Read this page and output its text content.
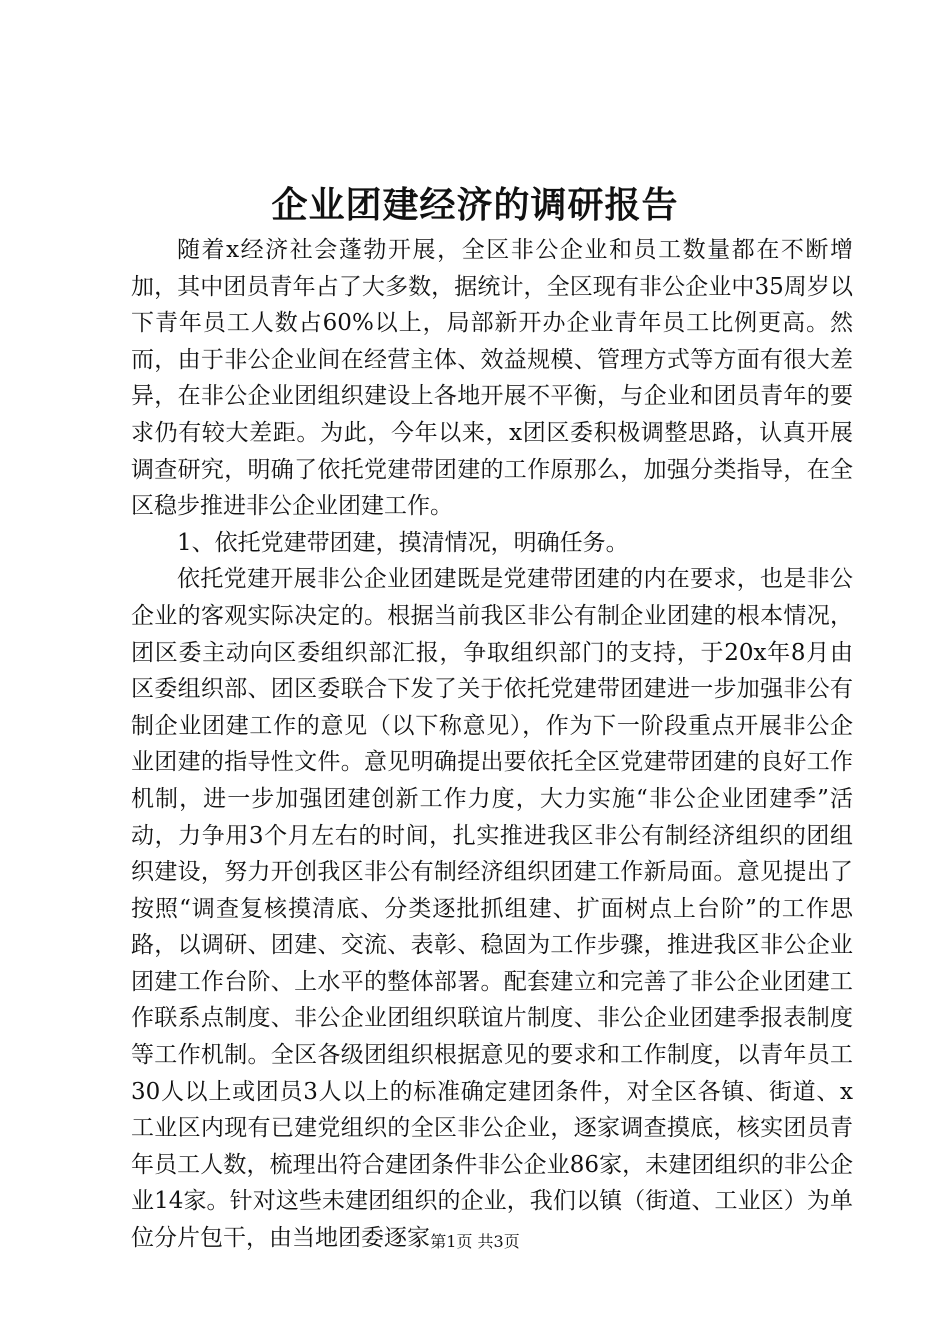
企业团建经济的调研报告

随着x经济社会蓬勃开展，全区非公企业和员工数量都在不断增加，其中团员青年占了大多数，据统计，全区现有非公企业中35周岁以下青年员工人数占60%以上，局部新开办企业青年员工比例更高。然而，由于非公企业间在经营主体、效益规模、管理方式等方面有很大差异，在非公企业团组织建设上各地开展不平衡，与企业和团员青年的要求仍有较大差距。为此，今年以来，x团区委积极调整思路，认真开展调查研究，明确了依托党建带团建的工作原那么，加强分类指导，在全区稳步推进非公企业团建工作。

1、依托党建带团建，摸清情况，明确任务。

依托党建开展非公企业团建既是党建带团建的内在要求，也是非公企业的客观实际决定的。根据当前我区非公有制企业团建的根本情况，团区委主动向区委组织部汇报，争取组织部门的支持，于20x年8月由区委组织部、团区委联合下发了关于依托党建带团建进一步加强非公有制企业团建工作的意见（以下称意见），作为下一阶段重点开展非公企业团建的指导性文件。意见明确提出要依托全区党建带团建的良好工作机制，进一步加强团建创新工作力度，大力实施“非公企业团建季”活动，力争用3个月左右的时间，扎实推进我区非公有制经济组织的团组织建设，努力开创我区非公有制经济组织团建工作新局面。意见提出了按照“调查复核摸清底、分类逐批抓组建、扩面树点上台阶”的工作思路，以调研、团建、交流、表彰、稳固为工作步骤，推进我区非公企业团建工作台阶、上水平的整体部署。配套建立和完善了非公企业团建工作联系点制度、非公企业团组织联谊片制度、非公企业团建季报表制度等工作机制。全区各级团组织根据意见的要求和工作制度，以青年员工30人以上或团员3人以上的标准确定建团条件，对全区各镇、街道、x工业区内现有已建党组织的全区非公企业，逐家调查摸底，核实团员青年员工人数，梳理出符合建团条件非公企业86家，未建团组织的非公企业14家。针对这些未建团组织的企业，我们以镇（街道、工业区）为单位分片包干，由当地团委逐家 第1页 共3页
